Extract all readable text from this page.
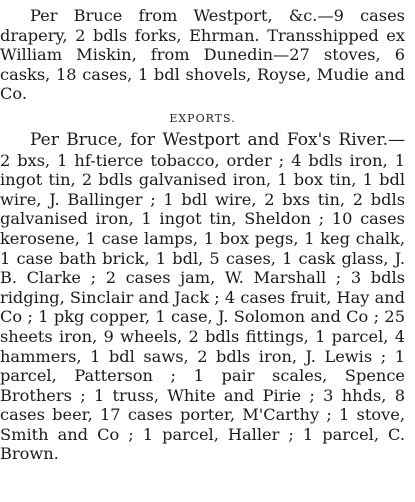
Per Bruce from Westport, &c.—9 cases drapery, 2 bdls forks, Ehrman. Transshipped ex William Miskin, from Dunedin—27 stoves, 6 casks, 18 cases, 1 bdl shovels, Royse, Mudie and Co.

EXPORTS.

Per Bruce, for Westport and Fox's River.— 2 bxs, 1 hf-tierce tobacco, order ; 4 bdls iron, 1 ingot tin, 2 bdls galvanised iron, 1 box tin, 1 bdl wire, J. Ballinger ; 1 bdl wire, 2 bxs tin, 2 bdls galvanised iron, 1 ingot tin, Sheldon ; 10 cases kerosene, 1 case lamps, 1 box pegs, 1 keg chalk, 1 case bath brick, 1 bdl, 5 cases, 1 cask glass, J. B. Clarke ; 2 cases jam, W. Marshall ; 3 bdls ridging, Sinclair and Jack ; 4 cases fruit, Hay and Co ; 1 pkg copper, 1 case, J. Solomon and Co ; 25 sheets iron, 9 wheels, 2 bdls fittings, 1 parcel, 4 hammers, 1 bdl saws, 2 bdls iron, J. Lewis ; 1 parcel, Patterson ; 1 pair scales, Spence Brothers ; 1 truss, White and Pirie ; 3 hhds, 8 cases beer, 17 cases porter, M'Carthy ; 1 stove, Smith and Co ; 1 parcel, Haller ; 1 parcel, C. Brown.
